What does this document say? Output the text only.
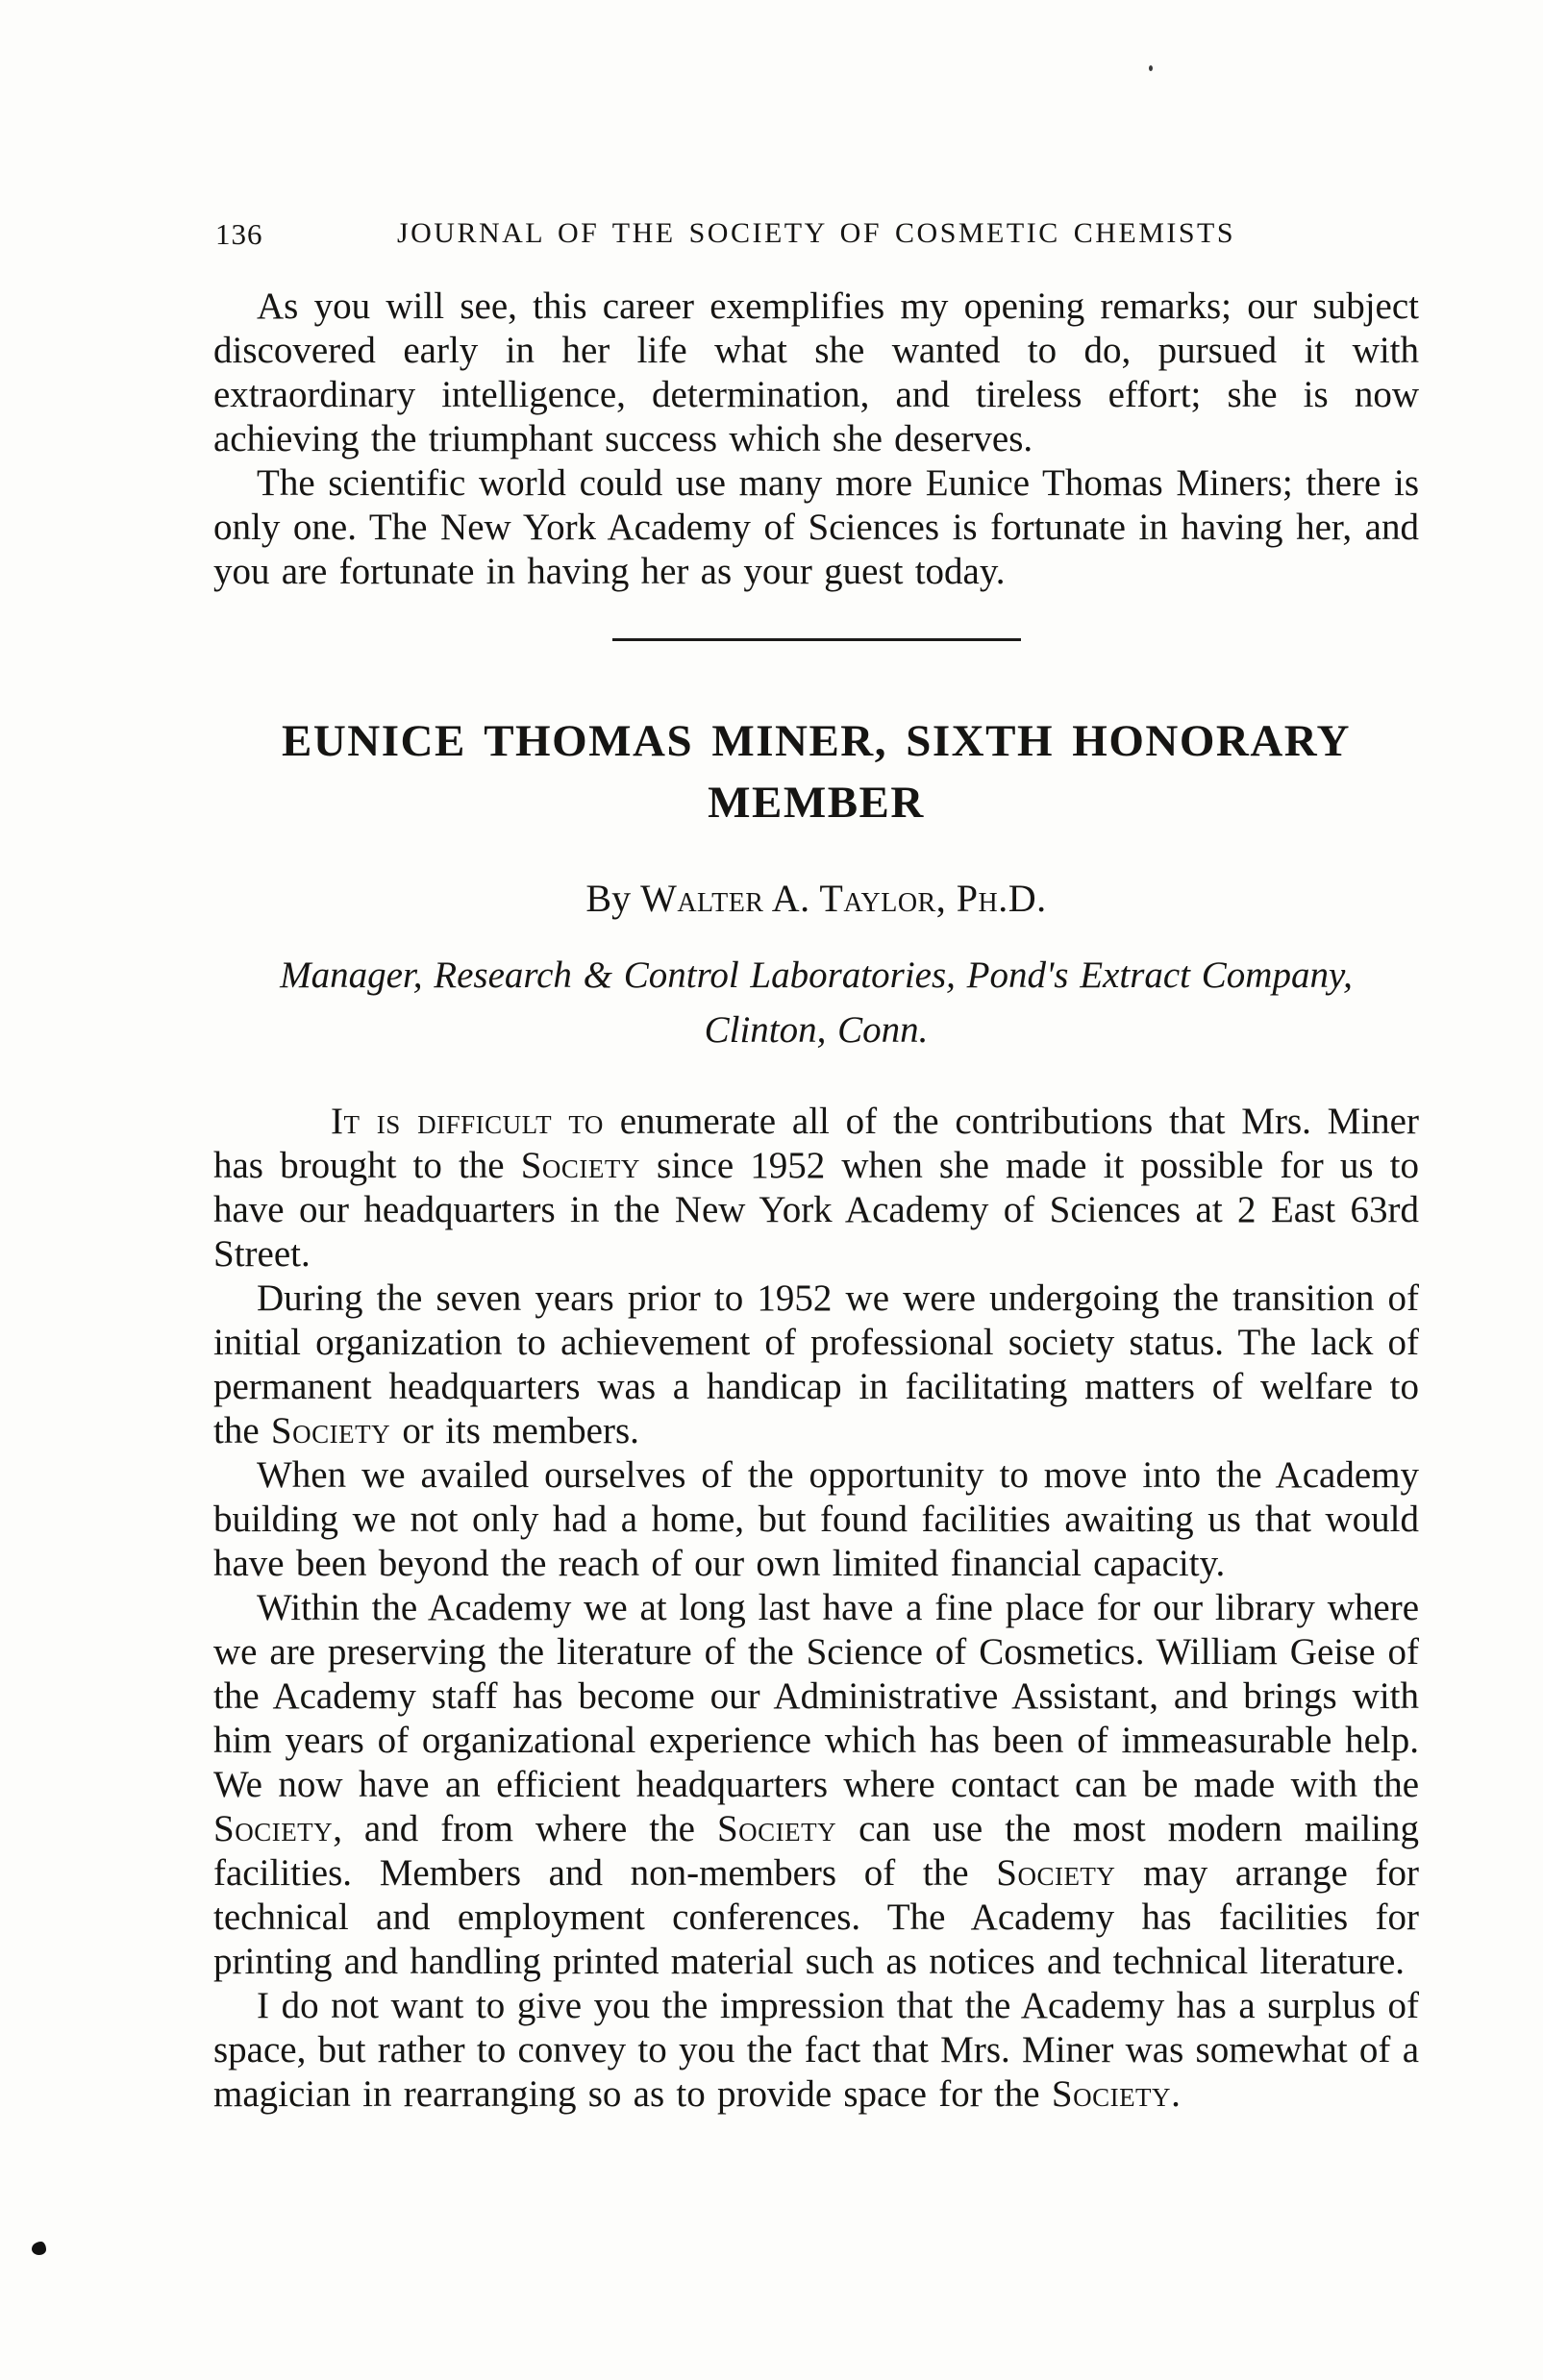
136	JOURNAL OF THE SOCIETY OF COSMETIC CHEMISTS

As you will see, this career exemplifies my opening remarks; our subject discovered early in her life what she wanted to do, pursued it with extraordinary intelligence, determination, and tireless effort; she is now achieving the triumphant success which she deserves.

The scientific world could use many more Eunice Thomas Miners; there is only one. The New York Academy of Sciences is fortunate in having her, and you are fortunate in having her as your guest today.

EUNICE THOMAS MINER, SIXTH HONORARY
MEMBER

By Walter A. Taylor, Ph.D.

Manager, Research & Control Laboratories, Pond's Extract Company, Clinton, Conn.

It is difficult to enumerate all of the contributions that Mrs. Miner has brought to the Society since 1952 when she made it possible for us to have our headquarters in the New York Academy of Sciences at 2 East 63rd Street.

During the seven years prior to 1952 we were undergoing the transition of initial organization to achievement of professional society status. The lack of permanent headquarters was a handicap in facilitating matters of welfare to the Society or its members.

When we availed ourselves of the opportunity to move into the Academy building we not only had a home, but found facilities awaiting us that would have been beyond the reach of our own limited financial capacity.

Within the Academy we at long last have a fine place for our library where we are preserving the literature of the Science of Cosmetics. William Geise of the Academy staff has become our Administrative Assistant, and brings with him years of organizational experience which has been of immeasurable help. We now have an efficient headquarters where contact can be made with the Society, and from where the Society can use the most modern mailing facilities. Members and non-members of the Society may arrange for technical and employment conferences. The Academy has facilities for printing and handling printed material such as notices and technical literature.

I do not want to give you the impression that the Academy has a surplus of space, but rather to convey to you the fact that Mrs. Miner was somewhat of a magician in rearranging so as to provide space for the Society.
